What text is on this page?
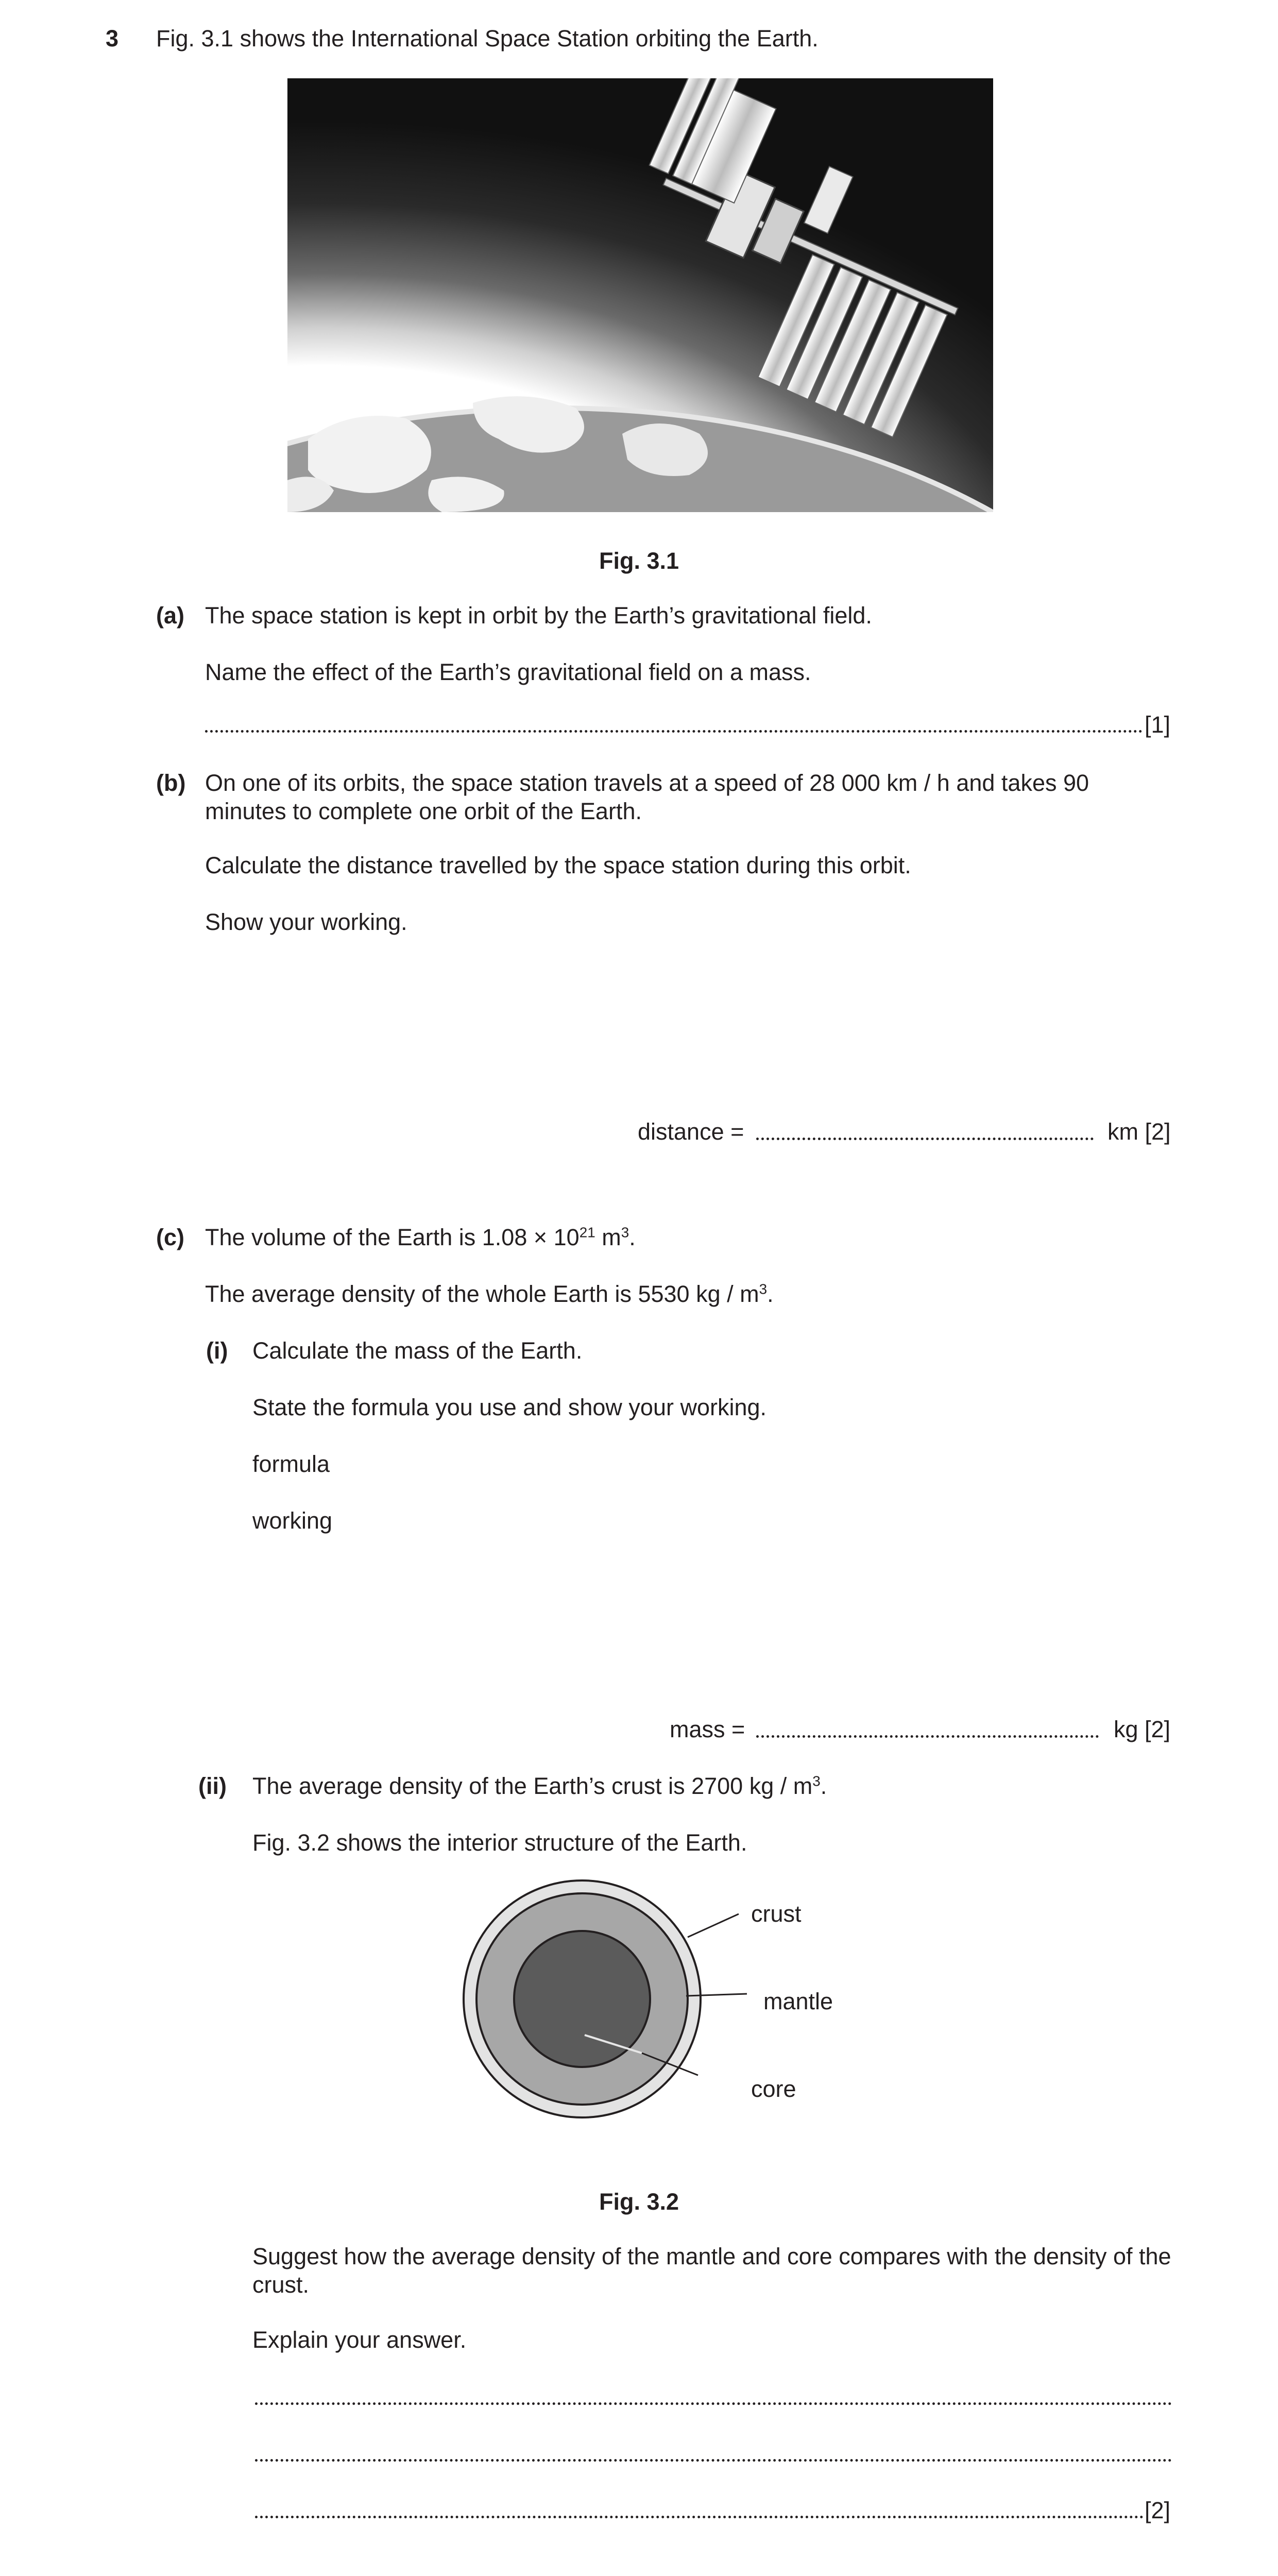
3 Fig. 3.1 shows the International Space Station orbiting the Earth.
Fig. 3.1
(a) The space station is kept in orbit by the Earth’s gravitational field.
Name the effect of the Earth’s gravitational field on a mass.
[1]
(b) On one of its orbits, the space station travels at a speed of 28 000 km / h and takes 90 minutes to complete one orbit of the Earth.
Calculate the distance travelled by the space station during this orbit.
Show your working.
distance =	km [2]
(c) The volume of the Earth is $1.08 \times 10^{21}$ $m^3$.
The average density of the whole Earth is 5530 kg / $m^3$.
(i) Calculate the mass of the Earth.
State the formula you use and show your working.
formula
working
mass =	kg [2]
(ii) The average density of the Earth’s crust is 2700 kg / $m^3$.
Fig. 3.2 shows the interior structure of the Earth.
crust
mantle
core
Fig. 3.2
Suggest how the average density of the mantle and core compares with the density of the crust.
Explain your answer.
[2]
